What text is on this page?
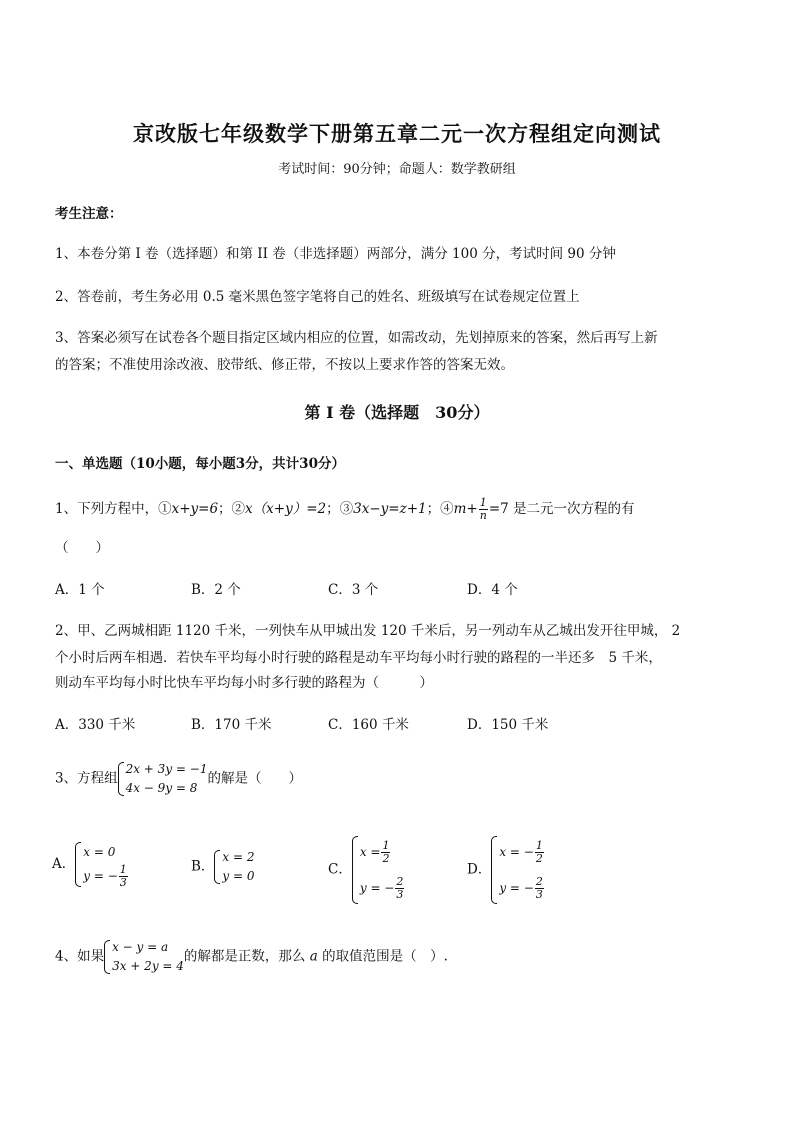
京改版七年级数学下册第五章二元一次方程组定向测试
考试时间：90分钟；命题人：数学教研组
考生注意：
1、本卷分第 I 卷（选择题）和第 II 卷（非选择题）两部分，满分 100 分，考试时间 90 分钟
2、答卷前，考生务必用 0.5 毫米黑色签字笔将自己的姓名、班级填写在试卷规定位置上
3、答案必须写在试卷各个题目指定区域内相应的位置，如需改动，先划掉原来的答案，然后再写上新
的答案；不准使用涂改液、胶带纸、修正带，不按以上要求作答的答案无效。
第 I 卷（选择题　30分）
一、单选题（10小题，每小题3分，共计30分）
1、下列方程中，①x+y=6；②x（x+y）=2；③3x−y=z+1；④m+ $\frac{1}{n} =7$ 是二元一次方程的有
（　　）
A．1 个	B．2 个	C．3 个	D．4 个
2、甲、乙两城相距 1120 千米，一列快车从甲城出发 120 千米后，另一列动车从乙城出发开往甲城， 2
个小时后两车相遇．若快车平均每小时行驶的路程是动车平均每小时行驶的路程的一半还多　5 千米，
则动车平均每小时比快车平均每小时多行驶的路程为（　　　）
A．330 千米	B．170 千米	C．160 千米	D．150 千米
3、方程组
2x + 3y = −1
4x − 9y = 8
的解是（　　）
A．
x = 0
y = − $\frac{1}{3}$	B．
x = 2
y = 0	C．
$x = \frac{1}{2}$
y = − $\frac{2}{3}$
D．
x = − $\frac{1}{2}$
y = − $\frac{2}{3}$
4、如果
x − y = a
3x + 2y = 4
的解都是正数，那么 a 的取值范围是（　）.
